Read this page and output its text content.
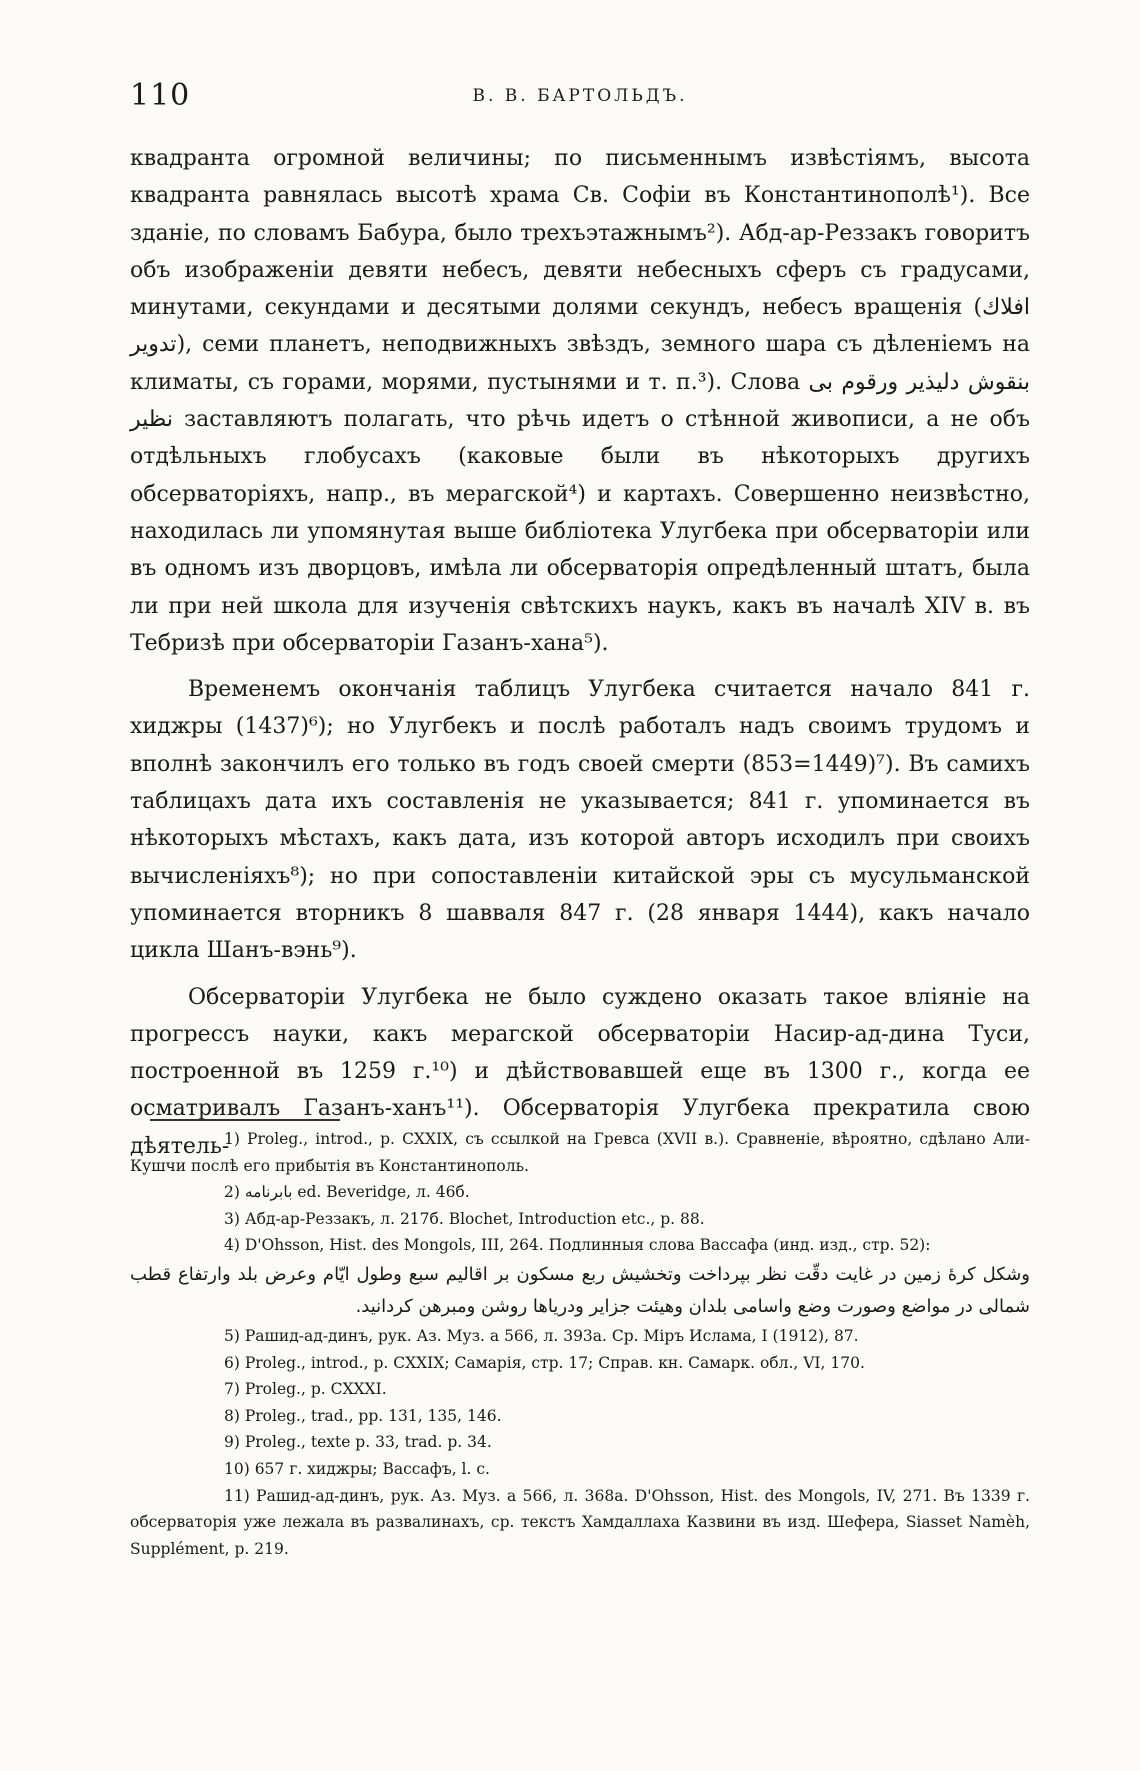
110	В. В. БАРТОЛЬДЪ.

квадранта огромной величины; по письменнымъ извѣстіямъ, высота квадранта равнялась высотѣ храма Св. Софіи въ Константинополѣ¹). Все зданіе, по словамъ Бабура, было трехъэтажнымъ²). Абд-ар-Реззакъ говоритъ объ изображеніи девяти небесъ, девяти небесныхъ сферъ съ градусами, минутами, секундами и десятыми долями секундъ, небесъ вращенія (افلاك تدوير), семи планетъ, неподвижныхъ звѣздъ, земного шара съ дѣленіемъ на климаты, съ горами, морями, пустынями и т. п.³). Слова بنقوش دليذير ورقوم بى نظير заставляютъ полагать, что рѣчь идетъ о стѣнной живописи, а не объ отдѣльныхъ глобусахъ (каковые были въ нѣкоторыхъ другихъ обсерваторіяхъ, напр., въ мерагской⁴) и картахъ. Совершенно неизвѣстно, находилась ли упомянутая выше библіотека Улугбека при обсерваторіи или въ одномъ изъ дворцовъ, имѣла ли обсерваторія опредѣленный штатъ, была ли при ней школа для изученія свѣтскихъ наукъ, какъ въ началѣ XIV в. въ Тебризѣ при обсерваторіи Газанъ-хана⁵).

Временемъ окончанія таблицъ Улугбека считается начало 841 г. хиджры (1437)⁶); но Улугбекъ и послѣ работалъ надъ своимъ трудомъ и вполнѣ закончилъ его только въ годъ своей смерти (853=1449)⁷). Въ самихъ таблицахъ дата ихъ составленія не указывается; 841 г. упоминается въ нѣкоторыхъ мѣстахъ, какъ дата, изъ которой авторъ исходилъ при своихъ вычисленіяхъ⁸); но при сопоставленіи китайской эры съ мусульманской упоминается вторникъ 8 шавваля 847 г. (28 января 1444), какъ начало цикла Шанъ-вэнь⁹).

Обсерваторіи Улугбека не было суждено оказать такое вліяніе на прогрессъ науки, какъ мерагской обсерваторіи Насир-ад-дина Туси, построенной въ 1259 г.¹⁰) и дѣйствовавшей еще въ 1300 г., когда ее осматривалъ Газанъ-ханъ¹¹). Обсерваторія Улугбека прекратила свою дѣятель-

1) Proleg., introd., p. CXXIX, съ ссылкой на Гревса (XVII в.). Сравненіе, вѣроятно, сдѣлано Али-Кушчи послѣ его прибытія въ Константинополь.

2) بابرنامه ed. Beveridge, л. 46б.

3) Абд-ар-Реззакъ, л. 217б. Blochet, Introduction etc., p. 88.

4) D'Ohsson, Hist. des Mongols, III, 264. Подлинныя слова Вассафа (инд. изд., стр. 52):

وشكل كرهٔ زمين در غايت دقّت نظر بپرداخت وتخشيش ربع مسكون بر اقاليم سبع وطول ايّام وعرض بلد وارتفاع قطب شمالى در مواضع وصورت وضع واسامى بلدان وهيئت جزاير ودرياها روشن ومبرهن كردانيد.

5) Рашид-ад-динъ, рук. Аз. Муз. a 566, л. 393а. Ср. Міръ Ислама, I (1912), 87.

6) Proleg., introd., p. CXXIX; Самарія, стр. 17; Справ. кн. Самарк. обл., VI, 170.

7) Proleg., p. CXXXI.

8) Proleg., trad., pp. 131, 135, 146.

9) Proleg., texte p. 33, trad. p. 34.

10) 657 г. хиджры; Вассафъ, l. c.

11) Рашид-ад-динъ, рук. Аз. Муз. a 566, л. 368а. D'Ohsson, Hist. des Mongols, IV, 271. Въ 1339 г. обсерваторія уже лежала въ развалинахъ, ср. текстъ Хамдаллаха Казвини въ изд. Шефера, Siasset Namèh, Supplément, p. 219.
